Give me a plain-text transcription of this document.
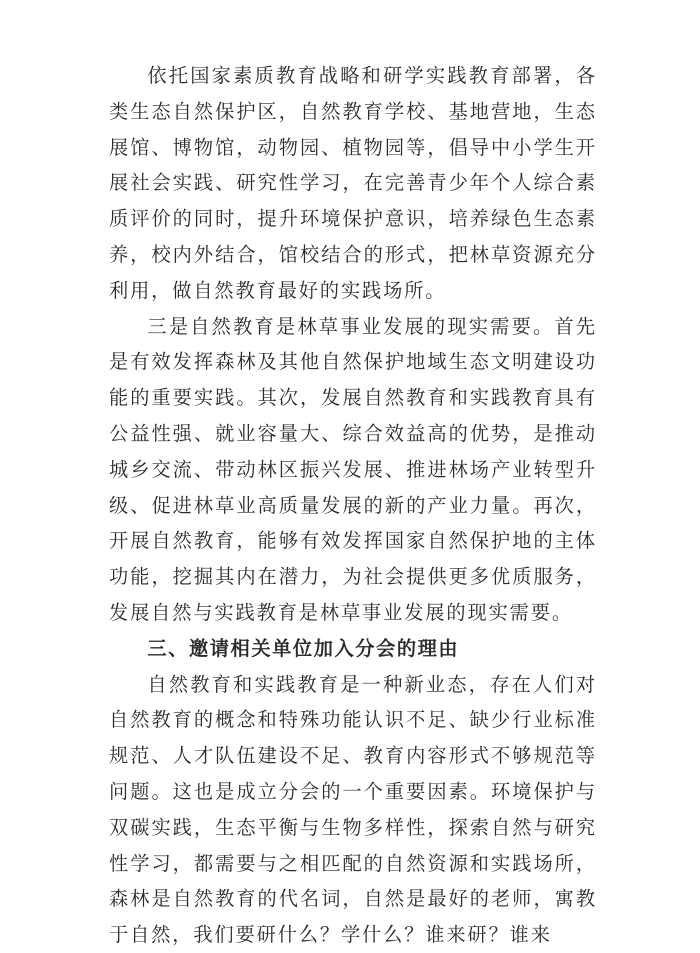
依托国家素质教育战略和研学实践教育部署，各类生态自然保护区，自然教育学校、基地营地，生态展馆、博物馆，动物园、植物园等，倡导中小学生开展社会实践、研究性学习，在完善青少年个人综合素质评价的同时，提升环境保护意识，培养绿色生态素养，校内外结合，馆校结合的形式，把林草资源充分利用，做自然教育最好的实践场所。

三是自然教育是林草事业发展的现实需要。首先是有效发挥森林及其他自然保护地域生态文明建设功能的重要实践。其次，发展自然教育和实践教育具有公益性强、就业容量大、综合效益高的优势，是推动城乡交流、带动林区振兴发展、推进林场产业转型升级、促进林草业高质量发展的新的产业力量。再次，开展自然教育，能够有效发挥国家自然保护地的主体功能，挖掘其内在潜力，为社会提供更多优质服务，发展自然与实践教育是林草事业发展的现实需要。

三、邀请相关单位加入分会的理由

自然教育和实践教育是一种新业态，存在人们对自然教育的概念和特殊功能认识不足、缺少行业标准规范、人才队伍建设不足、教育内容形式不够规范等问题。这也是成立分会的一个重要因素。环境保护与双碳实践，生态平衡与生物多样性，探索自然与研究性学习，都需要与之相匹配的自然资源和实践场所，森林是自然教育的代名词，自然是最好的老师，寓教于自然，我们要研什么？学什么？谁来研？谁来
